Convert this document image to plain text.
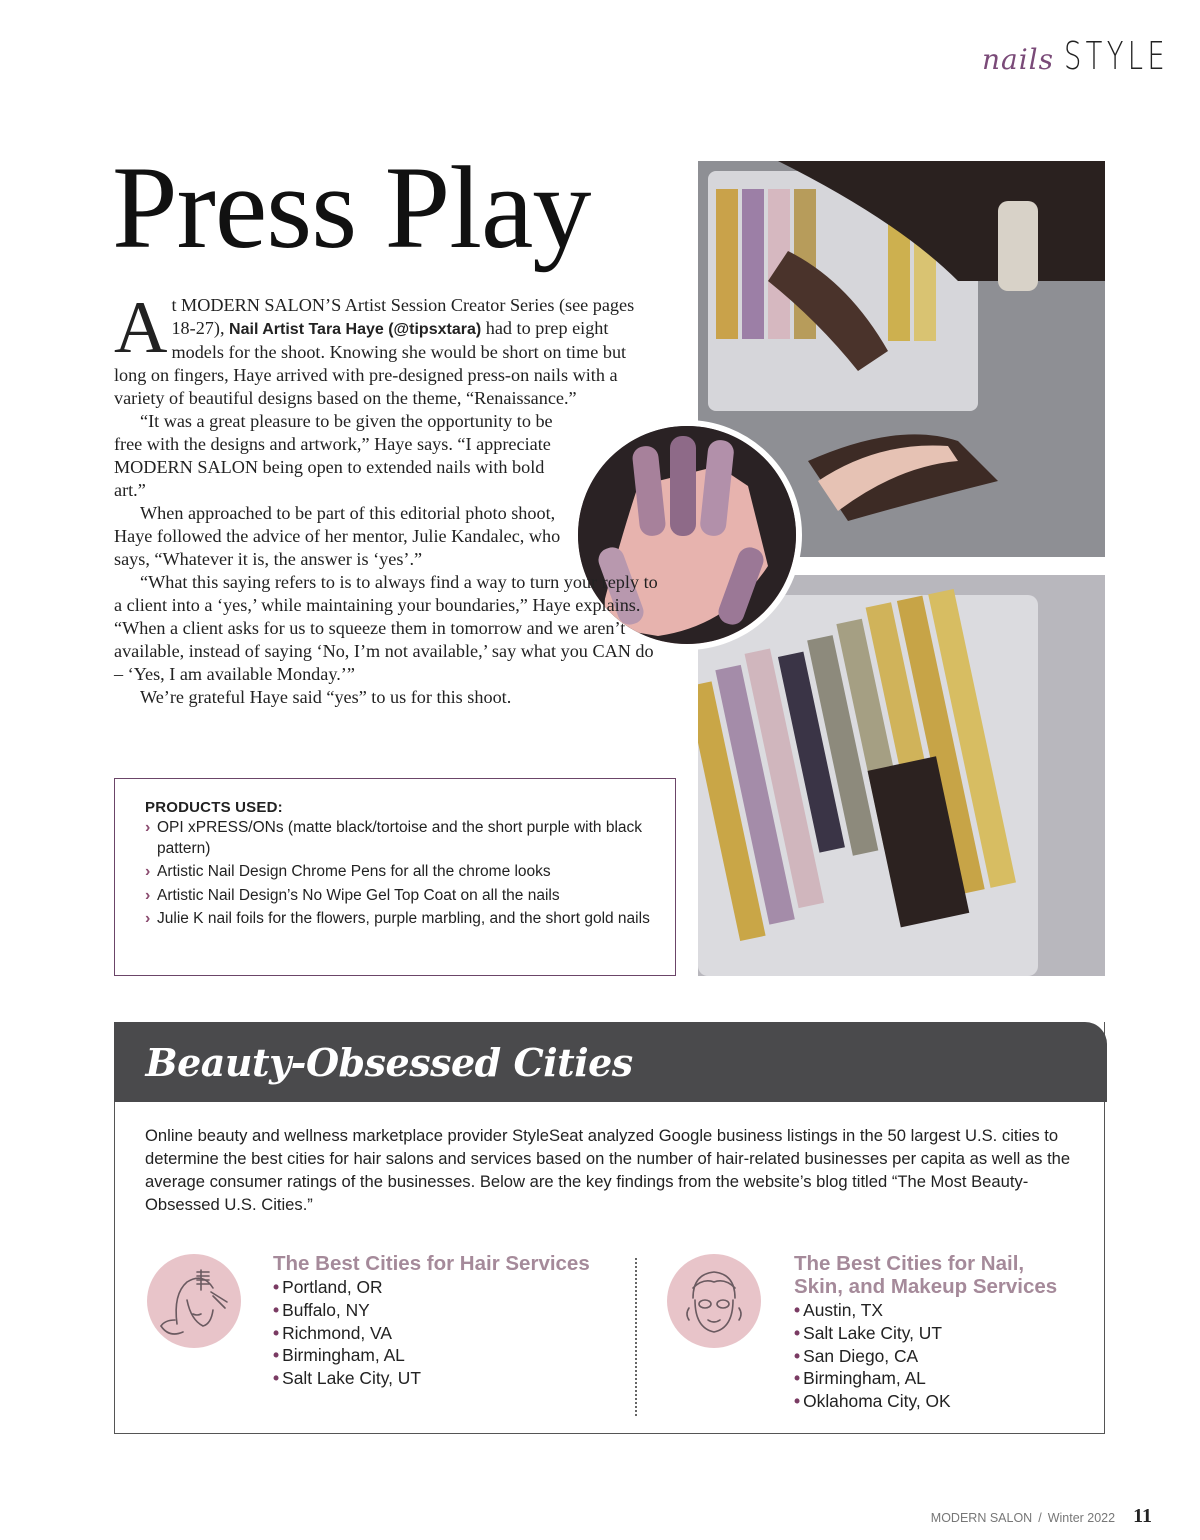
nails STYLE
Press Play

A t MODERN SALON’S Artist Session Creator Series (see pages 18-27), Nail Artist Tara Haye (@tipsxtara) had to prep eight models for the shoot. Knowing she would be short on time but long on fingers, Haye arrived with pre-designed press-on nails with a variety of beautiful designs based on the theme, “Renaissance.”

“It was a great pleasure to be given the opportunity to be free with the designs and artwork,” Haye says. “I appreciate MODERN SALON being open to extended nails with bold art.”

When approached to be part of this editorial photo shoot, Haye followed the advice of her mentor, Julie Kandalec, who says, “Whatever it is, the answer is ‘yes’.”

“What this saying refers to is to always find a way to turn your reply to a client into a ‘yes,’ while maintaining your boundaries,” Haye explains. “When a client asks for us to squeeze them in tomorrow and we aren’t available, instead of saying ‘No, I’m not available,’ say what you CAN do – ‘Yes, I am available Monday.’”

We’re grateful Haye said “yes” to us for this shoot.

PRODUCTS USED:
› OPI xPRESS/ONs (matte black/tortoise and the short purple with black pattern)
› Artistic Nail Design Chrome Pens for all the chrome looks
› Artistic Nail Design’s No Wipe Gel Top Coat on all the nails
› Julie K nail foils for the flowers, purple marbling, and the short gold nails
Beauty-Obsessed Cities

Online beauty and wellness marketplace provider StyleSeat analyzed Google business listings in the 50 largest U.S. cities to determine the best cities for hair salons and services based on the number of hair-related businesses per capita as well as the average consumer ratings of the businesses. Below are the key findings from the website’s blog titled “The Most Beauty-Obsessed U.S. Cities.”

The Best Cities for Hair Services
• Portland, OR
• Buffalo, NY
• Richmond, VA
• Birmingham, AL
• Salt Lake City, UT
The Best Cities for Nail,
Skin, and Makeup Services
• Austin, TX
• Salt Lake City, UT
• San Diego, CA
• Birmingham, AL
• Oklahoma City, OK
MODERN SALON / Winter 2022 11
